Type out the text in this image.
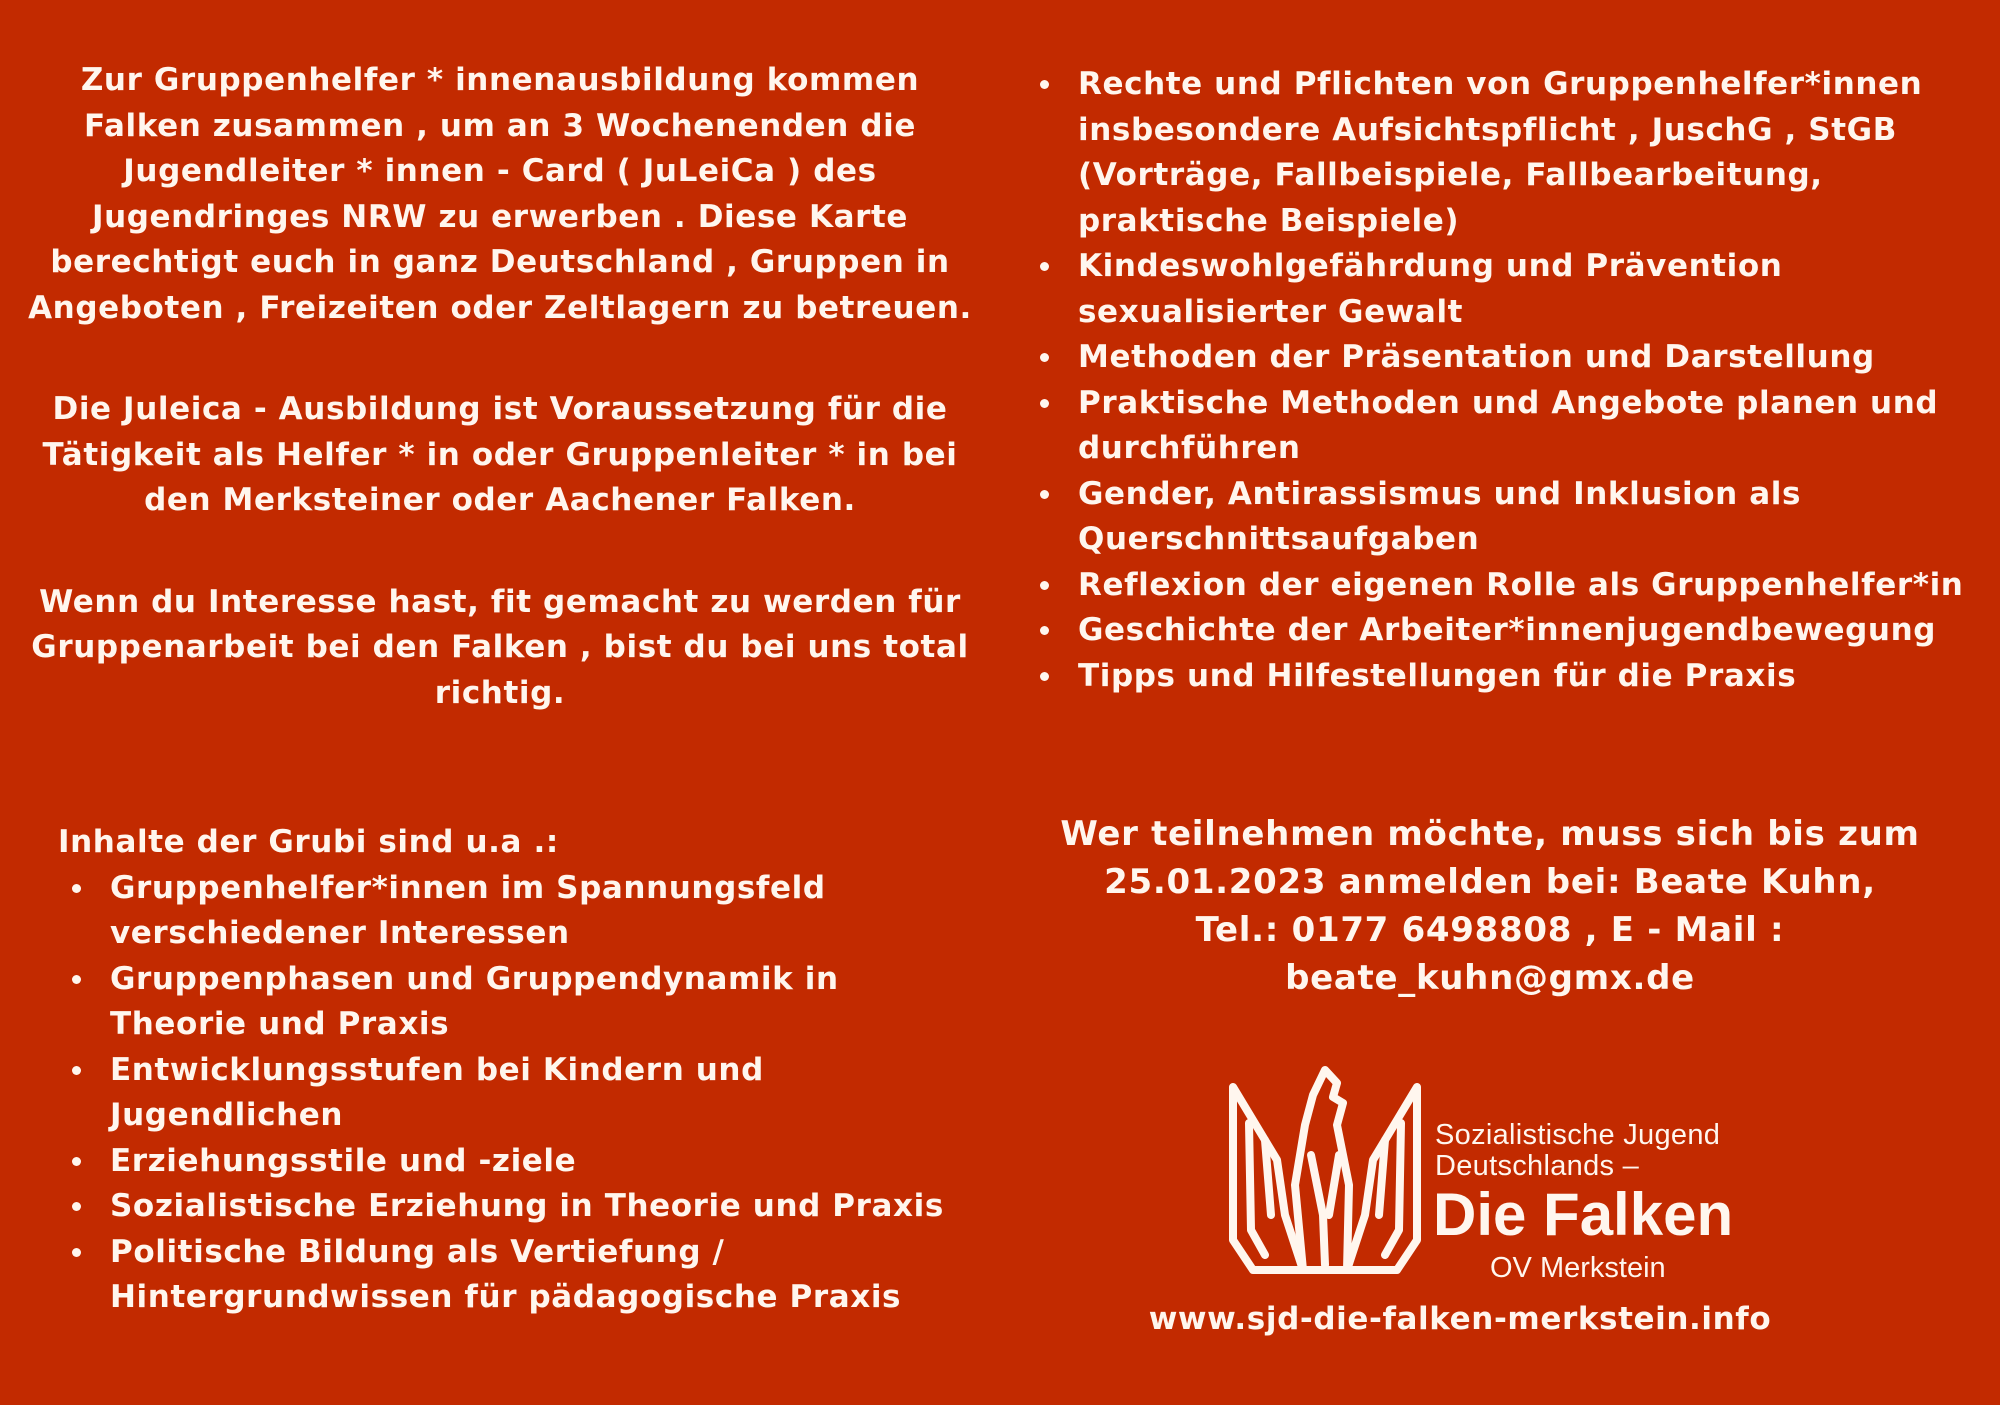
Zur Gruppenhelfer * innenausbildung kommen Falken zusammen , um an 3 Wochenenden die Jugendleiter * innen - Card ( JuLeiCa ) des Jugendringes NRW zu erwerben . Diese Karte berechtigt euch in ganz Deutschland , Gruppen in Angeboten , Freizeiten oder Zeltlagern zu betreuen.

Die Juleica - Ausbildung ist Voraussetzung für die Tätigkeit als Helfer * in oder Gruppenleiter * in bei den Merksteiner oder Aachener Falken.

Wenn du Interesse hast, fit gemacht zu werden für Gruppenarbeit bei den Falken , bist du bei uns total richtig.

Rechte und Pflichten von Gruppenhelfer*innen insbesondere Aufsichtspflicht , JuschG , StGB (Vorträge, Fallbeispiele, Fallbearbeitung, praktische Beispiele)
Kindeswohlgefährdung und Prävention sexualisierter Gewalt
Methoden der Präsentation und Darstellung
Praktische Methoden und Angebote planen und durchführen
Gender, Antirassismus und Inklusion als Querschnittsaufgaben
Reflexion der eigenen Rolle als Gruppenhelfer*in
Geschichte der Arbeiter*innenjugendbewegung
Tipps und Hilfestellungen für die Praxis
Inhalte der Grubi sind u.a .:
Gruppenhelfer*innen im Spannungsfeld verschiedener Interessen
Gruppenphasen und Gruppendynamik in Theorie und Praxis
Entwicklungsstufen bei Kindern und Jugendlichen
Erziehungsstile und -ziele
Sozialistische Erziehung in Theorie und Praxis
Politische Bildung als Vertiefung / Hintergrundwissen für pädagogische Praxis
Wer teilnehmen möchte, muss sich bis zum
25.01.2023 anmelden bei: Beate Kuhn,
Tel.: 0177 6498808 , E - Mail :
beate_kuhn@gmx.de
Sozialistische Jugend
Deutschlands –
Die Falken
OV Merkstein
www.sjd-die-falken-merkstein.info
